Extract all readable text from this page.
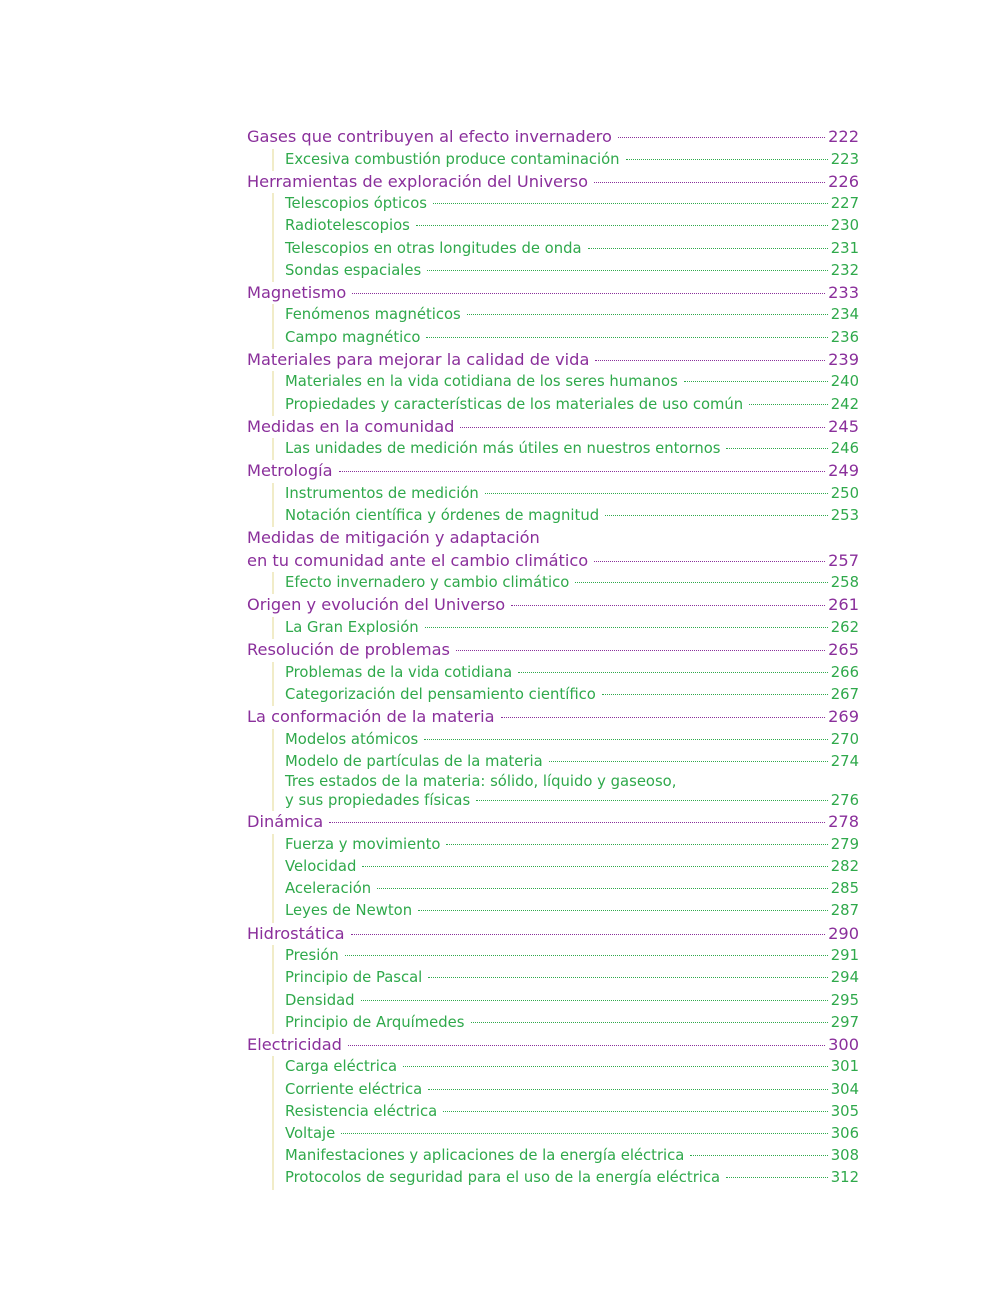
Gases que contribuyen al efecto invernadero	222
Excesiva combustión produce contaminación	223
Herramientas de exploración del Universo	226
Telescopios ópticos	227
Radiotelescopios	230
Telescopios en otras longitudes de onda	231
Sondas espaciales	232
Magnetismo	233
Fenómenos magnéticos	234
Campo magnético	236
Materiales para mejorar la calidad de vida	239
Materiales en la vida cotidiana de los seres humanos	240
Propiedades y características de los materiales de uso común	242
Medidas en la comunidad	245
Las unidades de medición más útiles en nuestros entornos	246
Metrología	249
Instrumentos de medición	250
Notación científica y órdenes de magnitud	253
Medidas de mitigación y adaptación
en tu comunidad ante el cambio climático	257
Efecto invernadero y cambio climático	258
Origen y evolución del Universo	261
La Gran Explosión	262
Resolución de problemas	265
Problemas de la vida cotidiana	266
Categorización del pensamiento científico	267
La conformación de la materia	269
Modelos atómicos	270
Modelo de partículas de la materia	274
Tres estados de la materia: sólido, líquido y gaseoso,
y sus propiedades físicas	276
Dinámica	278
Fuerza y movimiento	279
Velocidad	282
Aceleración	285
Leyes de Newton	287
Hidrostática	290
Presión	291
Principio de Pascal	294
Densidad	295
Principio de Arquímedes	297
Electricidad	300
Carga eléctrica	301
Corriente eléctrica	304
Resistencia eléctrica	305
Voltaje	306
Manifestaciones y aplicaciones de la energía eléctrica	308
Protocolos de seguridad para el uso de la energía eléctrica	312
